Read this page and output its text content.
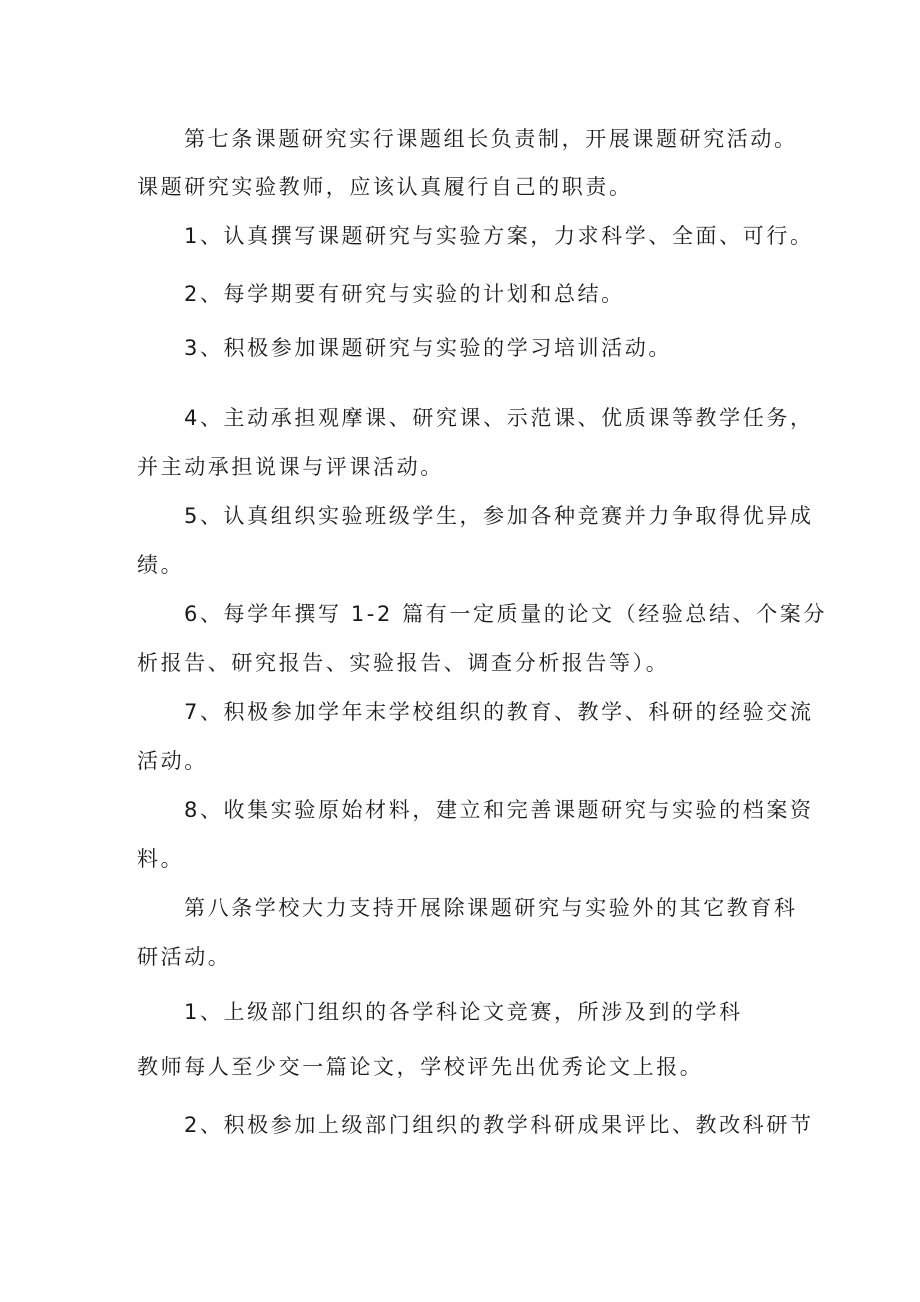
第七条课题研究实行课题组长负责制，开展课题研究活动。
课题研究实验教师，应该认真履行自己的职责。
1、认真撰写课题研究与实验方案，力求科学、全面、可行。
2、每学期要有研究与实验的计划和总结。
3、积极参加课题研究与实验的学习培训活动。
4、主动承担观摩课、研究课、示范课、优质课等教学任务，
并主动承担说课与评课活动。
5、认真组织实验班级学生，参加各种竞赛并力争取得优异成
绩。
6、每学年撰写 1-2 篇有一定质量的论文（经验总结、个案分
析报告、研究报告、实验报告、调查分析报告等）。
7、积极参加学年末学校组织的教育、教学、科研的经验交流
活动。
8、收集实验原始材料，建立和完善课题研究与实验的档案资
料。
第八条学校大力支持开展除课题研究与实验外的其它教育科
研活动。
1、上级部门组织的各学科论文竞赛，所涉及到的学科
教师每人至少交一篇论文，学校评先出优秀论文上报。
2、积极参加上级部门组织的教学科研成果评比、教改科研节
